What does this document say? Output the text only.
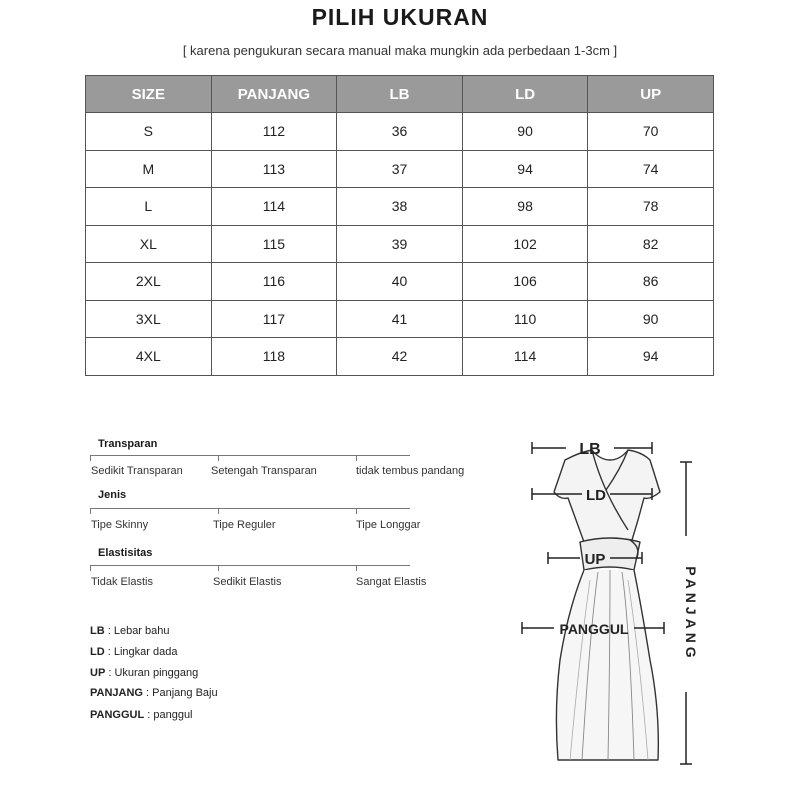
PILIH UKURAN
[ karena pengukuran secara manual maka mungkin ada perbedaan 1-3cm ]
SIZE	PANJANG	LB	LD	UP
S	112	36	90	70
M	113	37	94	74
L	114	38	98	78
XL	115	39	102	82
2XL	116	40	106	86
3XL	117	41	110	90
4XL	118	42	114	94
Transparan
Sedikit Transparan	Setengah Transparan	tidak tembus pandang
Jenis
Tipe Skinny	Tipe Reguler	Tipe Longgar
Elastisitas
Tidak Elastis	Sedikit Elastis	Sangat Elastis
LB : Lebar bahu
LD : Lingkar dada
UP : Ukuran pinggang
PANJANG : Panjang Baju
PANGGUL : panggul
LB
LD
UP
PANGGUL	PANJANG
